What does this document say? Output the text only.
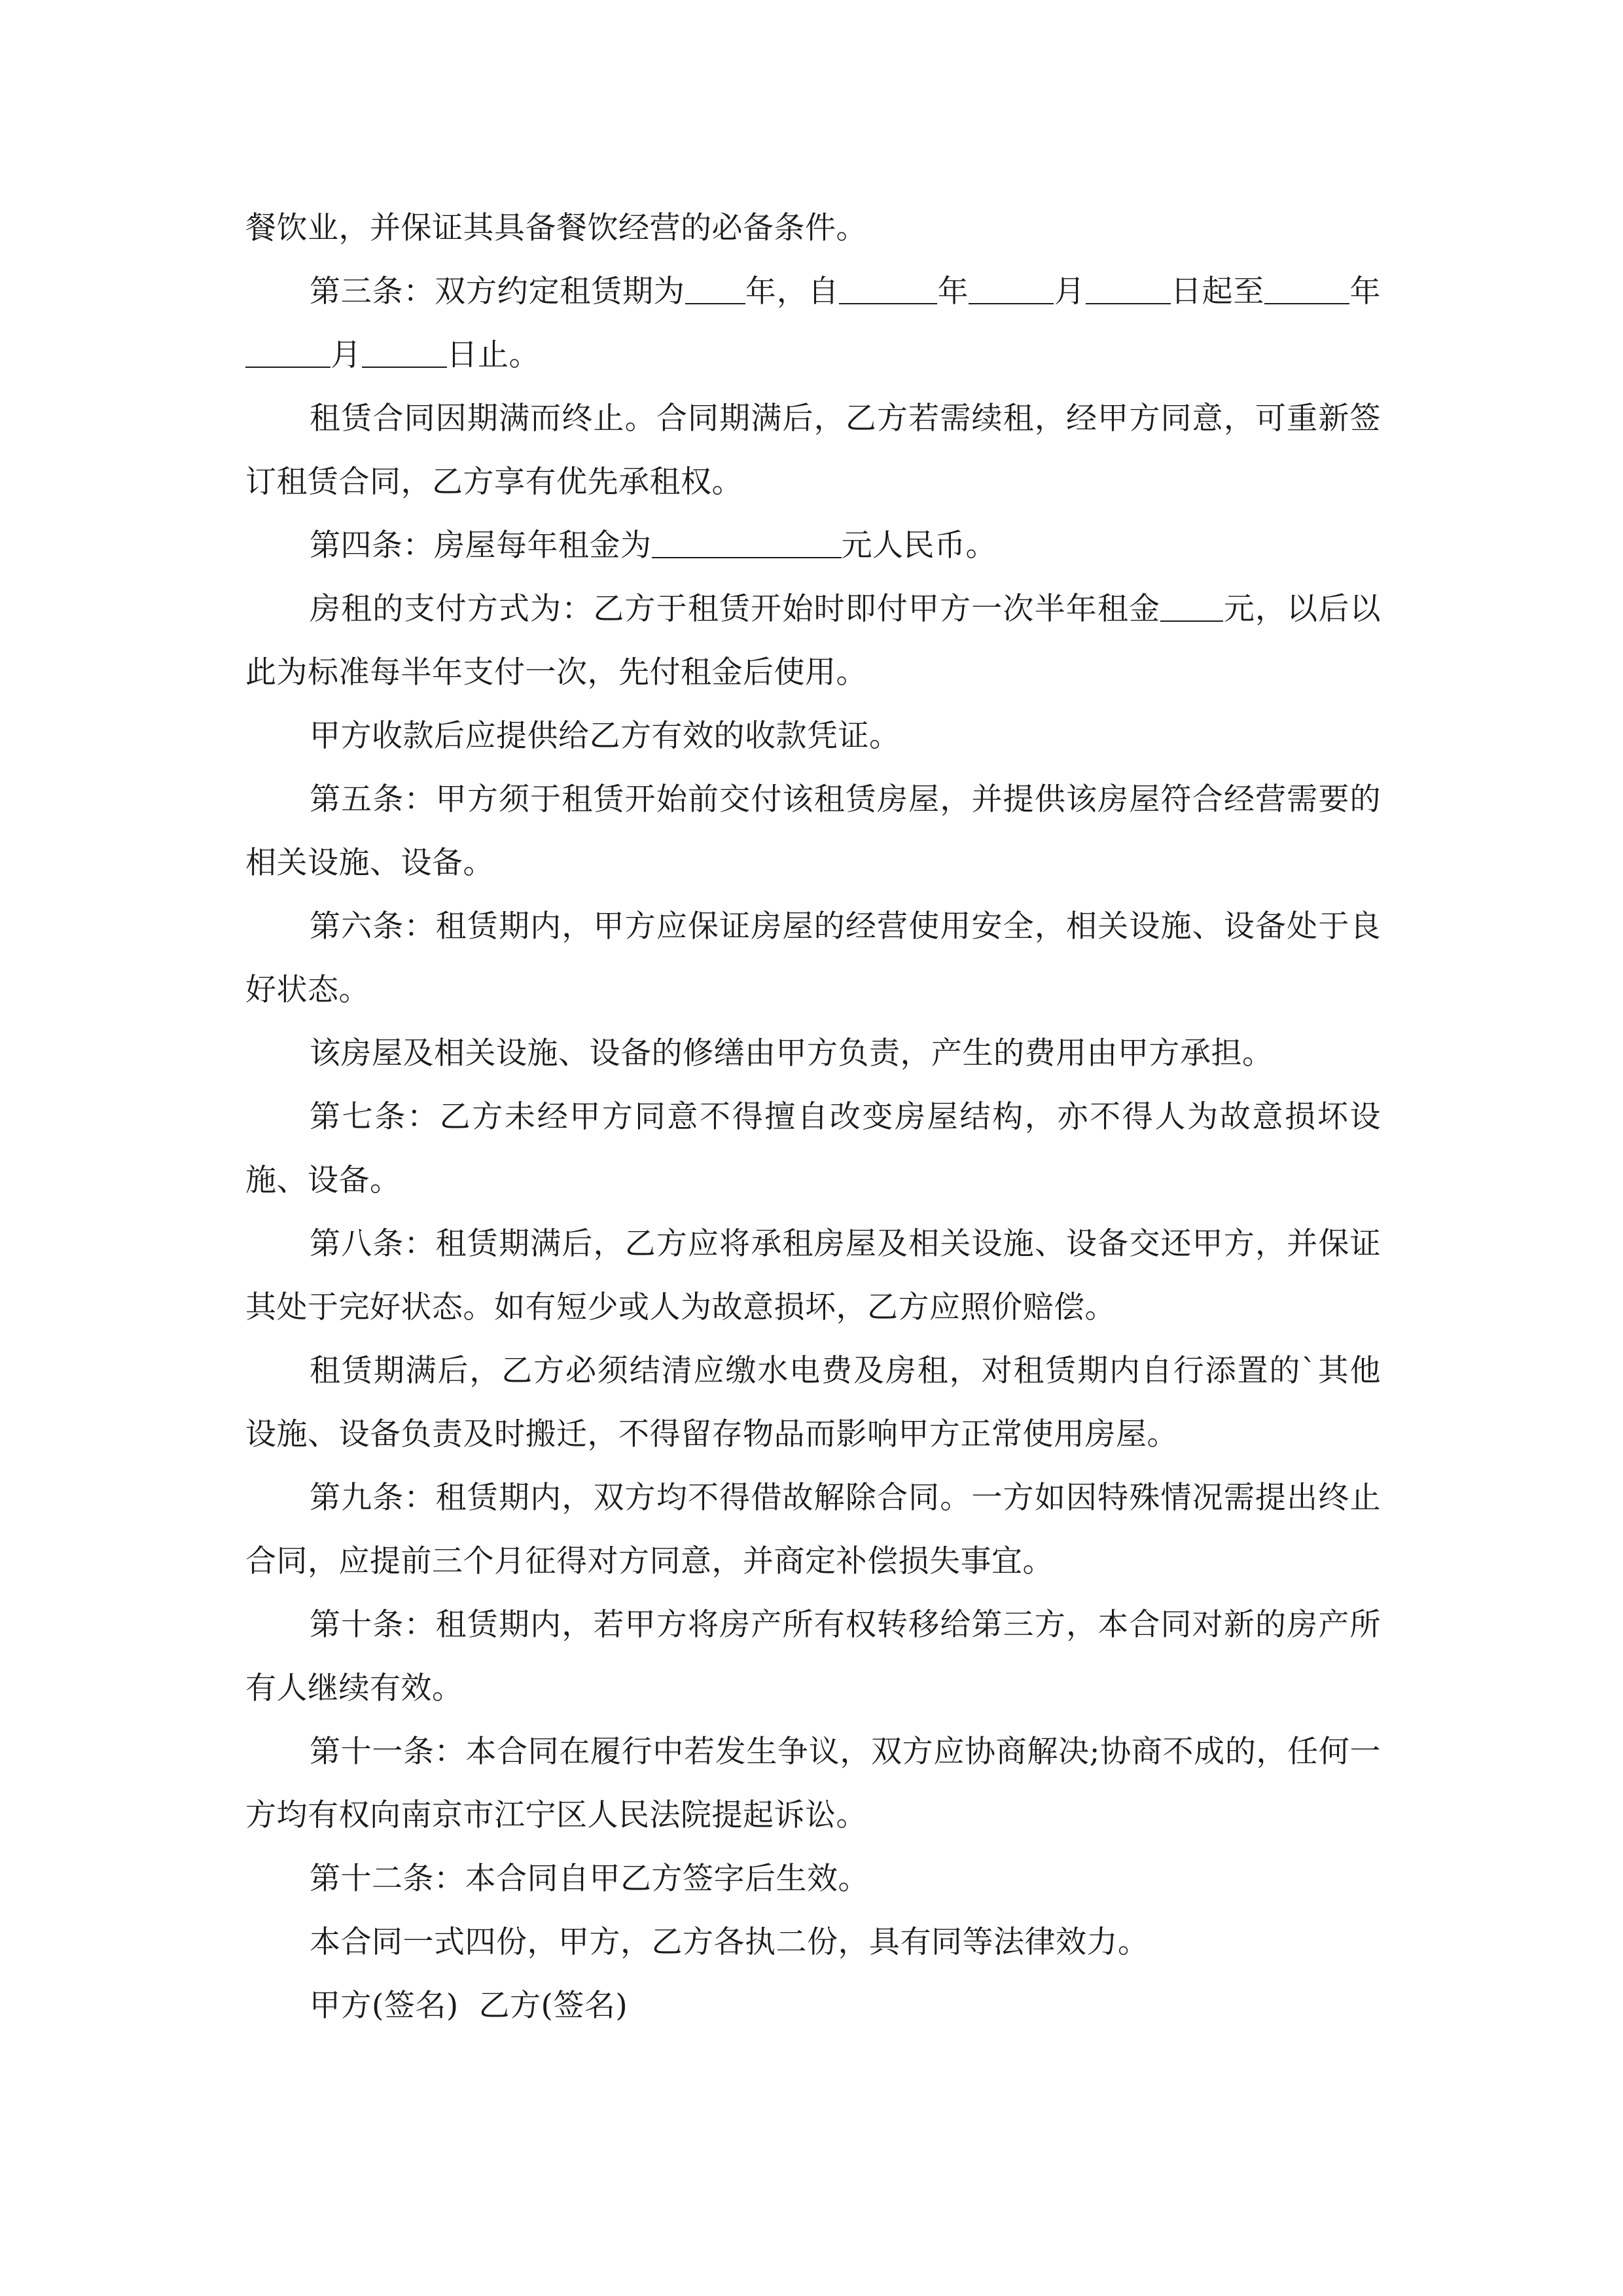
餐饮业，并保证其具备餐饮经营的必备条件。

第三条：双方约定租赁期为 年，自	年	月	日起至	年月	日止。

租赁合同因期满而终止。合同期满后，乙方若需续租，经甲方同意，可重新签订租赁合同，乙方享有优先承租权。

第四条：房屋每年租金为	元人民币。

房租的支付方式为：乙方于租赁开始时即付甲方一次半年租金 元，以后以此为标准每半年支付一次，先付租金后使用。

甲方收款后应提供给乙方有效的收款凭证。

第五条：甲方须于租赁开始前交付该租赁房屋，并提供该房屋符合经营需要的相关设施、设备。

第六条：租赁期内，甲方应保证房屋的经营使用安全，相关设施、设备处于良好状态。

该房屋及相关设施、设备的修缮由甲方负责，产生的费用由甲方承担。

第七条：乙方未经甲方同意不得擅自改变房屋结构，亦不得人为故意损坏设施、设备。

第八条：租赁期满后，乙方应将承租房屋及相关设施、设备交还甲方，并保证其处于完好状态。如有短少或人为故意损坏，乙方应照价赔偿。

租赁期满后，乙方必须结清应缴水电费及房租，对租赁期内自行添置的`其他设施、设备负责及时搬迁，不得留存物品而影响甲方正常使用房屋。

第九条：租赁期内，双方均不得借故解除合同。一方如因特殊情况需提出终止合同，应提前三个月征得对方同意，并商定补偿损失事宜。

第十条：租赁期内，若甲方将房产所有权转移给第三方，本合同对新的房产所有人继续有效。

第十一条：本合同在履行中若发生争议，双方应协商解决;协商不成的，任何一方均有权向南京市江宁区人民法院提起诉讼。

第十二条：本合同自甲乙方签字后生效。

本合同一式四份，甲方，乙方各执二份，具有同等法律效力。

甲方(签名)  乙方(签名)
